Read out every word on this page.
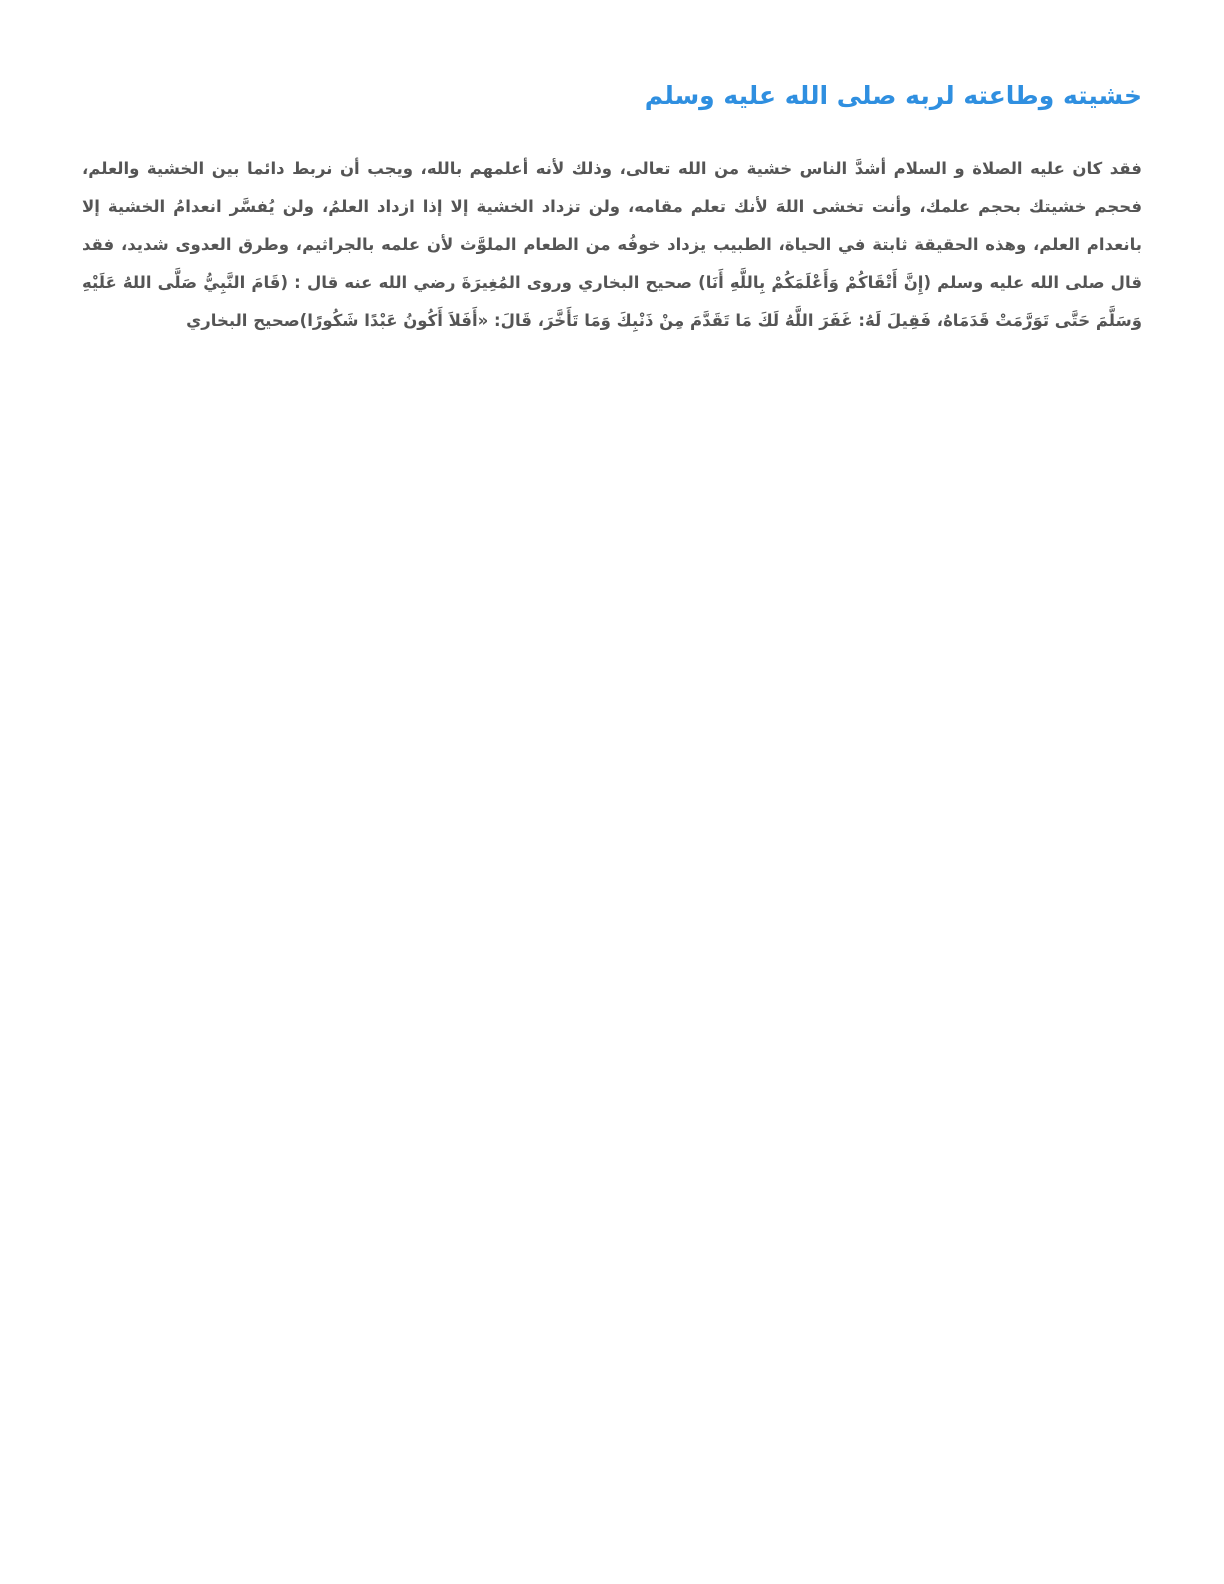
خشيته وطاعته لربه صلى الله عليه وسلم

فقد كان عليه الصلاة و السلام أشدَّ الناس خشية من الله تعالى، وذلك لأنه أعلمهم بالله، ويجب أن نربط دائما بين الخشية والعلم، فحجم خشيتك بحجم علمك، وأنت تخشى اللهَ لأنك تعلم مقامه، ولن تزداد الخشية إلا إذا ازداد العلمُ، ولن يُفسَّر انعدامُ الخشية إلا بانعدام العلم، وهذه الحقيقة ثابتة في الحياة، الطبيب يزداد خوفُه من الطعام الملوَّث لأن علمه بالجراثيم، وطرق العدوى شديد، فقد قال صلى الله عليه وسلم (إِنَّ أَتْقَاكُمْ وَأَعْلَمَكُمْ بِاللَّهِ أَنَا) صحيح البخاري وروى المُغِيرَةَ رضي الله عنه قال : (قَامَ النَّبِيُّ صَلَّى اللهُ عَلَيْهِ وَسَلَّمَ حَتَّى تَوَرَّمَتْ قَدَمَاهُ، فَقِيلَ لَهُ: غَفَرَ اللَّهُ لَكَ مَا تَقَدَّمَ مِنْ ذَنْبِكَ وَمَا تَأَخَّرَ، قَالَ: «أَفَلاَ أَكُونُ عَبْدًا شَكُورًا)صحيح البخاري
